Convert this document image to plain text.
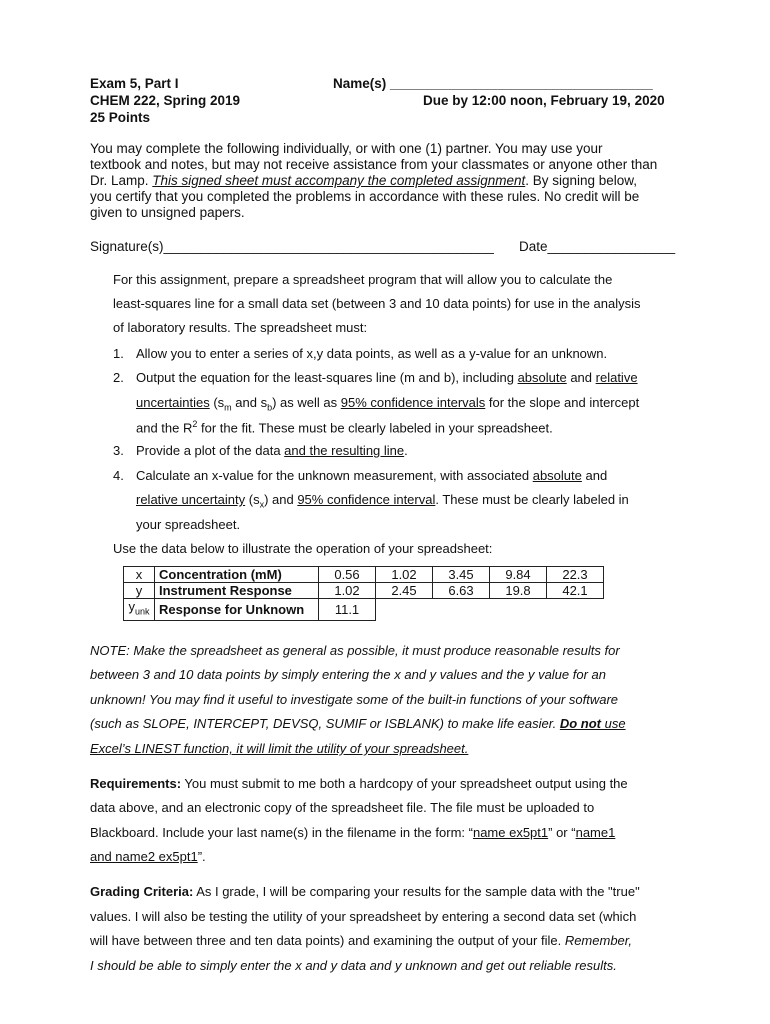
Exam 5, Part I
CHEM 222, Spring 2019
25 Points
Name(s) ___________________________________
Due by 12:00 noon, February 19, 2020
You may complete the following individually, or with one (1) partner. You may use your
textbook and notes, but may not receive assistance from your classmates or anyone other than
Dr. Lamp. This signed sheet must accompany the completed assignment. By signing below,
you certify that you completed the problems in accordance with these rules. No credit will be
given to unsigned papers.
Signature(s)____________________________________________ Date_________________
For this assignment, prepare a spreadsheet program that will allow you to calculate the
least-squares line for a small data set (between 3 and 10 data points) for use in the analysis
of laboratory results. The spreadsheet must:
1. Allow you to enter a series of x,y data points, as well as a y-value for an unknown.
2. Output the equation for the least-squares line (m and b), including absolute and relative
uncertainties ($s_m$ and $s_b$) as well as 95% confidence intervals for the slope and intercept
and the $R^2$ for the fit. These must be clearly labeled in your spreadsheet.
3. Provide a plot of the data and the resulting line.
4. Calculate an x-value for the unknown measurement, with associated absolute and
relative uncertainty $(s_x)$ and 95% confidence interval. These must be clearly labeled in
your spreadsheet.
Use the data below to illustrate the operation of your spreadsheet:
x	Concentration (mM)	0.56	1.02	3.45	9.84	22.3
y	Instrument Response	1.02	2.45	6.63	19.8	42.1
$y_{unk}$	Response for Unknown	11.1				
NOTE: Make the spreadsheet as general as possible, it must produce reasonable results for
between 3 and 10 data points by simply entering the x and y values and the y value for an
unknown! You may find it useful to investigate some of the built-in functions of your software
(such as SLOPE, INTERCEPT, DEVSQ, SUMIF or ISBLANK) to make life easier. Do not use
Excel’s LINEST function, it will limit the utility of your spreadsheet.
Requirements: You must submit to me both a hardcopy of your spreadsheet output using the
data above, and an electronic copy of the spreadsheet file. The file must be uploaded to
Blackboard. Include your last name(s) in the filename in the form: “name ex5pt1” or “name1
and name2 ex5pt1”.
Grading Criteria: As I grade, I will be comparing your results for the sample data with the "true"
values. I will also be testing the utility of your spreadsheet by entering a second data set (which
will have between three and ten data points) and examining the output of your file. Remember,
I should be able to simply enter the x and y data and y unknown and get out reliable results.
